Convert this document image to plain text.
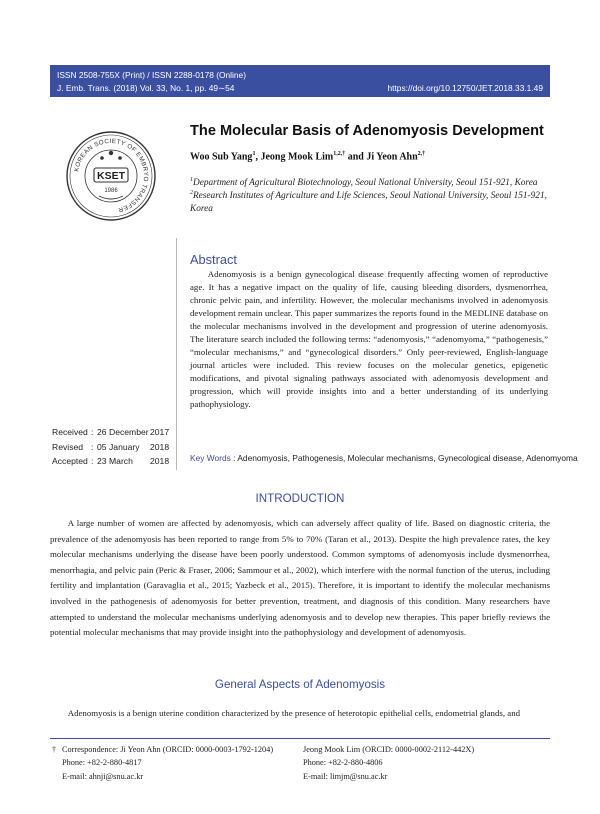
ISSN 2508-755X (Print) / ISSN 2288-0178 (Online)
J. Emb. Trans. (2018) Vol. 33, No. 1, pp. 49∼54	https://doi.org/10.12750/JET.2018.33.1.49
KOREAN SOCIETY OF EMBRYO TRANSFER
KSET
1986
The Molecular Basis of Adenomyosis Development
Woo Sub Yang$^1$, Jeong Mook Lim$^{1,2,\dagger}$ and Ji Yeon Ahn$^{2,\dagger}$
$^1$Department of Agricultural Biotechnology, Seoul National University, Seoul 151-921, Korea
$^2$Research Institutes of Agriculture and Life Sciences, Seoul National University, Seoul 151-921, Korea
Abstract

  Adenomyosis is a benign gynecological disease frequently affecting women of reproductive age. It has a negative impact on the quality of life, causing bleeding disorders, dysmenorrhea, chronic pelvic pain, and infertility. However, the molecular mechanisms involved in adenomyosis development remain unclear. This paper summarizes the reports found in the MEDLINE database on the molecular mechanisms involved in the development and progression of uterine adenomyosis. The literature search included the following terms: “adenomyosis,” “adenomyoma,” “pathogenesis,” “molecular mechanisms,” and “gynecological disorders.” Only peer-reviewed, English-language journal articles were included. This review focuses on the molecular genetics, epigenetic modifications, and pivotal signaling pathways associated with adenomyosis development and progression, which will provide insights into and a better understanding of its underlying pathophysiology.

Received : 26 December 2017
Revised : 05 January 2018
Accepted : 23 March 2018 Key Words : Adenomyosis, Pathogenesis, Molecular mechanisms, Gynecological disease, Adenomyoma
INTRODUCTION

  A large number of women are affected by adenomyosis, which can adversely affect quality of life. Based on diagnostic criteria, the prevalence of the adenomyosis has been reported to range from 5% to 70% (Taran et al., 2013). Despite the high prevalence rates, the key molecular mechanisms underlying the disease have been poorly understood. Common symptoms of adenomyosis include dysmenorrhea, menorrhagia, and pelvic pain (Peric & Fraser, 2006; Sammour et al., 2002), which interfere with the normal function of the uterus, including fertility and implantation (Garavaglia et al., 2015; Yazbeck et al., 2015). Therefore, it is important to identify the molecular mechanisms involved in the pathogenesis of adenomyosis for better prevention, treatment, and diagnosis of this condition. Many researchers have attempted to understand the molecular mechanisms underlying adenomyosis and to develop new therapies. This paper briefly reviews the potential molecular mechanisms that may provide insight into the pathophysiology and development of adenomyosis.

General Aspects of Adenomyosis

  Adenomyosis is a benign uterine condition characterized by the presence of heterotopic epithelial cells, endometrial glands, and

† Correspondence: Ji Yeon Ahn (ORCID: 0000-0003-1792-1204)
Phone: +82-2-880-4817
E-mail: ahnji@snu.ac.kr
Jeong Mook Lim (ORCID: 0000-0002-2112-442X)
Phone: +82-2-880-4806
E-mail: limjm@snu.ac.kr
